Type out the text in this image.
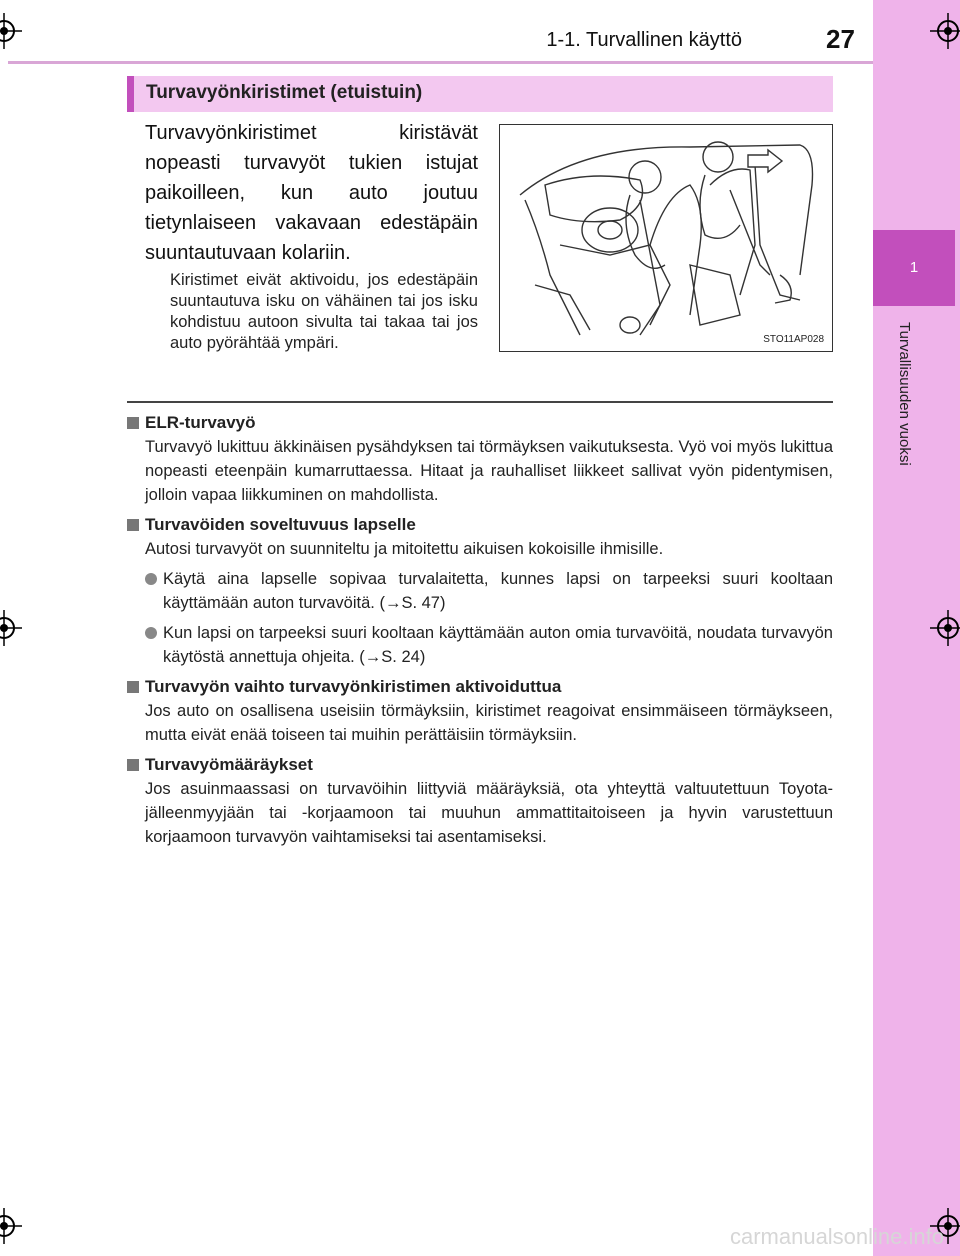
1
Turvallisuuden vuoksi
1-1. Turvallinen käyttö	27
Turvavyönkiristimet (etuistuin)
Turvavyönkiristimet kiristävät nopeasti turvavyöt tukien istujat paikoilleen, kun auto joutuu tietynlaiseen vakavaan edestäpäin suuntautuvaan kolariin.
Kiristimet eivät aktivoidu, jos edestäpäin suuntautuva isku on vähäinen tai jos isku kohdistuu autoon sivulta tai takaa tai jos auto pyörähtää ympäri.	STO11AP028
ELR-turvavyö
Turvavyö lukittuu äkkinäisen pysähdyksen tai törmäyksen vaikutuksesta. Vyö voi myös lukittua nopeasti eteenpäin kumarruttaessa. Hitaat ja rauhalliset liikkeet sallivat vyön pidentymisen, jolloin vapaa liikkuminen on mahdollista.
Turvavöiden soveltuvuus lapselle
Autosi turvavyöt on suunniteltu ja mitoitettu aikuisen kokoisille ihmisille.
Käytä aina lapselle sopivaa turvalaitetta, kunnes lapsi on tarpeeksi suuri kooltaan käyttämään auton turvavöitä. (→S. 47)
Kun lapsi on tarpeeksi suuri kooltaan käyttämään auton omia turvavöitä, noudata turvavyön käytöstä annettuja ohjeita. (→S. 24)
Turvavyön vaihto turvavyönkiristimen aktivoiduttua
Jos auto on osallisena useisiin törmäyksiin, kiristimet reagoivat ensimmäiseen törmäykseen, mutta eivät enää toiseen tai muihin perättäisiin törmäyksiin.
Turvavyömääräykset
Jos asuinmaassasi on turvavöihin liittyviä määräyksiä, ota yhteyttä valtuutettuun Toyota-jälleenmyyjään tai -korjaamoon tai muuhun ammattitaitoiseen ja hyvin varustettuun korjaamoon turvavyön vaihtamiseksi tai asentamiseksi.
carmanualsonline.info
